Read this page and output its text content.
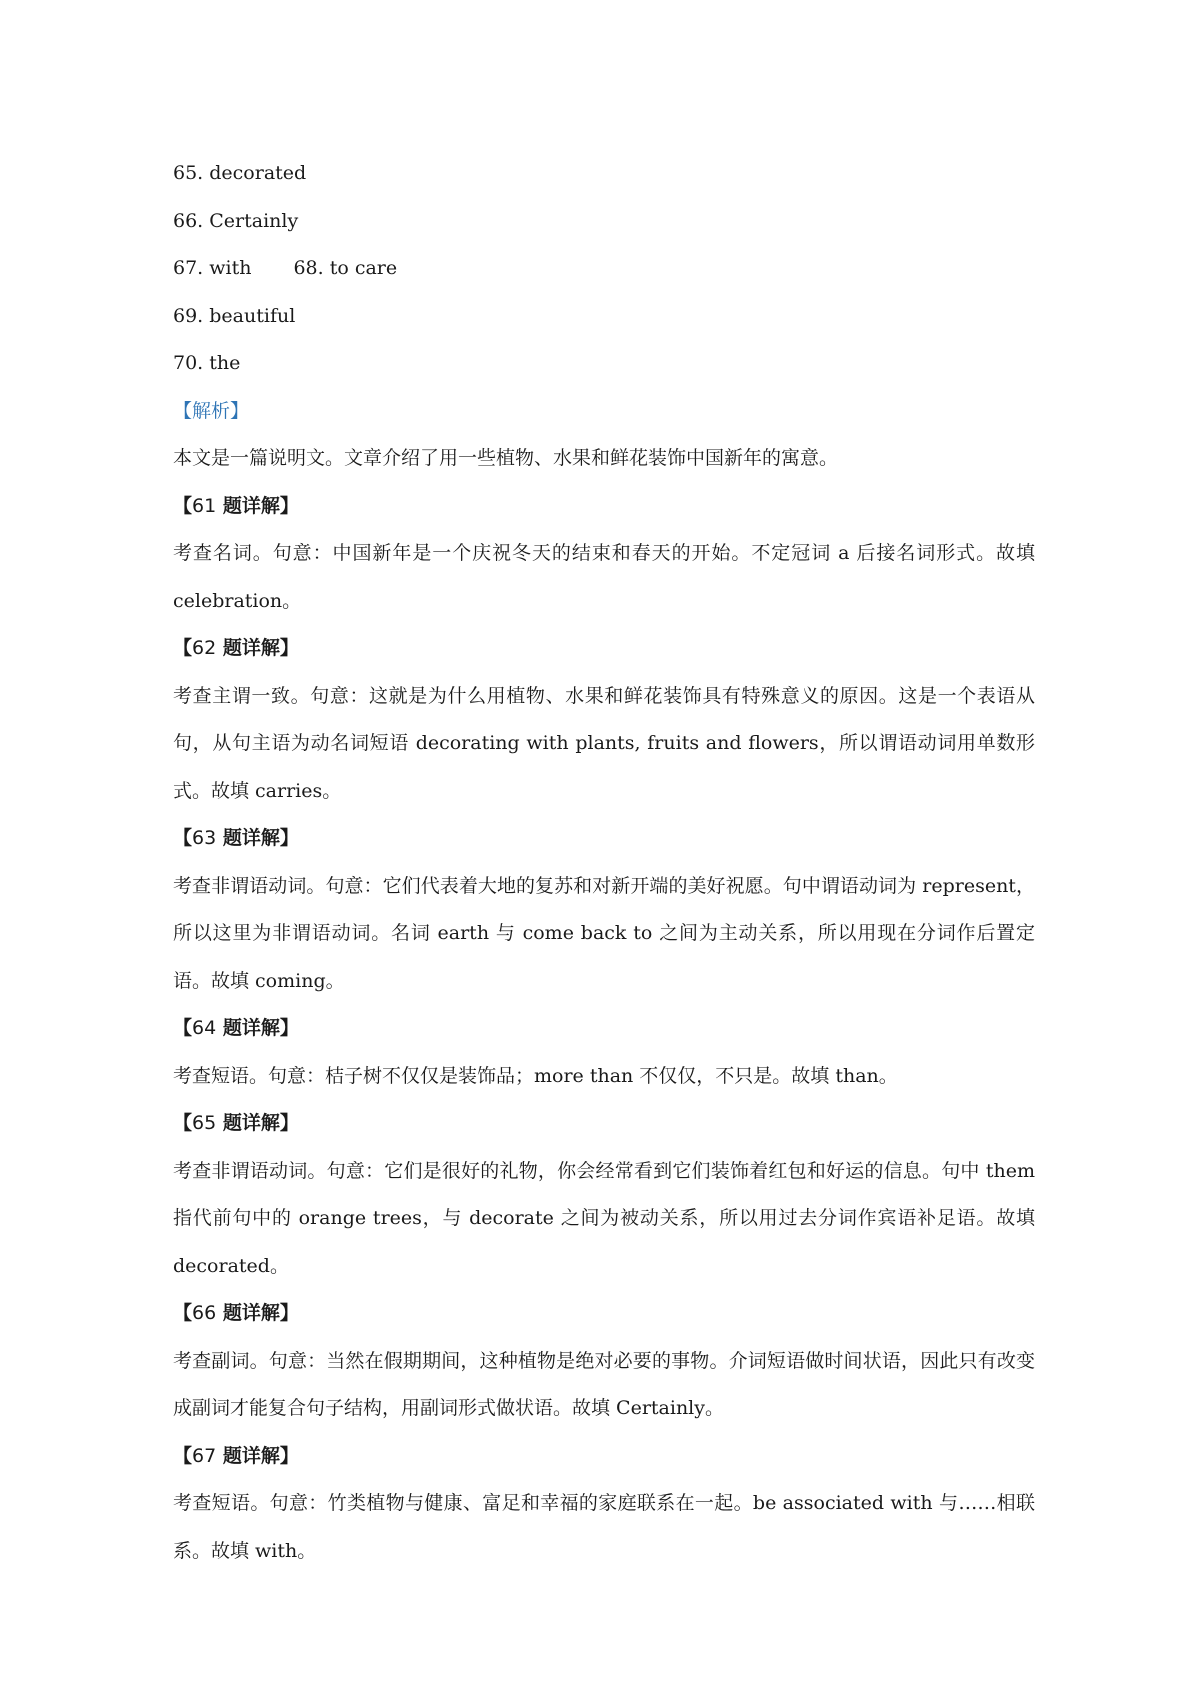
65. decorated

66. Certainly

67. with 68. to care

69. beautiful

70. the

【解析】

本文是一篇说明文。文章介绍了用一些植物、水果和鲜花装饰中国新年的寓意。

【61 题详解】

考查名词。句意：中国新年是一个庆祝冬天的结束和春天的开始。不定冠词 a 后接名词形式。故填 celebration。

【62 题详解】

考查主谓一致。句意：这就是为什么用植物、水果和鲜花装饰具有特殊意义的原因。这是一个表语从句，从句主语为动名词短语 decorating with plants, fruits and flowers，所以谓语动词用单数形式。故填 carries。

【63 题详解】

考查非谓语动词。句意：它们代表着大地的复苏和对新开端的美好祝愿。句中谓语动词为 represent，所以这里为非谓语动词。名词 earth 与 come back to 之间为主动关系，所以用现在分词作后置定语。故填 coming。

【64 题详解】

考查短语。句意：桔子树不仅仅是装饰品；more than 不仅仅，不只是。故填 than。

【65 题详解】

考查非谓语动词。句意：它们是很好的礼物，你会经常看到它们装饰着红包和好运的信息。句中 them 指代前句中的 orange trees，与 decorate 之间为被动关系，所以用过去分词作宾语补足语。故填 decorated。

【66 题详解】

考查副词。句意：当然在假期期间，这种植物是绝对必要的事物。介词短语做时间状语，因此只有改变成副词才能复合句子结构，用副词形式做状语。故填 Certainly。

【67 题详解】

考查短语。句意：竹类植物与健康、富足和幸福的家庭联系在一起。be associated with 与……相联系。故填 with。
